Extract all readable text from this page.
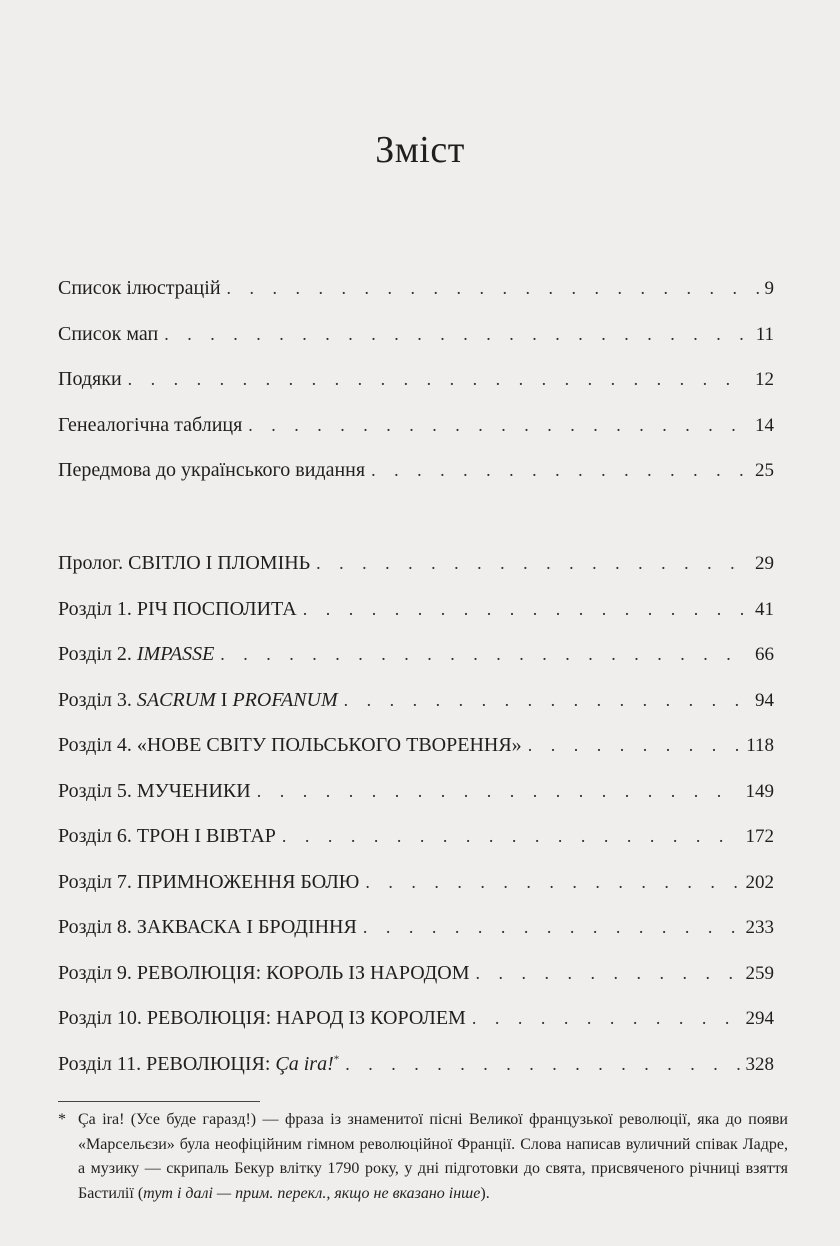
Зміст
Список ілюстрацій . . .	9
Список мап . . .	11
Подяки . . .	12
Генеалогічна таблиця . . .	14
Передмова до українського видання . . .	25
Пролог. СВІТЛО І ПЛОМІНЬ . . .	29
Розділ 1. РІЧ ПОСПОЛИТА . . .	41
Розділ 2. IMPASSE . . .	66
Розділ 3. SACRUM І PROFANUM . . .	94
Розділ 4. «НОВЕ СВІТУ ПОЛЬСЬКОГО ТВОРЕННЯ» . . .	118
Розділ 5. МУЧЕНИКИ . . .	149
Розділ 6. ТРОН І ВІВТАР . . .	172
Розділ 7. ПРИМНОЖЕННЯ БОЛЮ . . .	202
Розділ 8. ЗАКВАСКА І БРОДІННЯ . . .	233
Розділ 9. РЕВОЛЮЦІЯ: КОРОЛЬ ІЗ НАРОДОМ . . .	259
Розділ 10. РЕВОЛЮЦІЯ: НАРОД ІЗ КОРОЛЕМ . . .	294
Розділ 11. РЕВОЛЮЦІЯ: Ça ira!* . . .	328
* Ça ira! (Усе буде гаразд!) — фраза із знаменитої пісні Великої французької революції, яка до появи «Марсельєзи» була неофіційним гімном революційної Франції. Слова написав вуличний співак Ладре, а музику — скрипаль Бекур влітку 1790 року, у дні підготовки до свята, присвяченого річниці взяття Бастилії (тут і далі — прим. перекл., якщо не вказано інше).
